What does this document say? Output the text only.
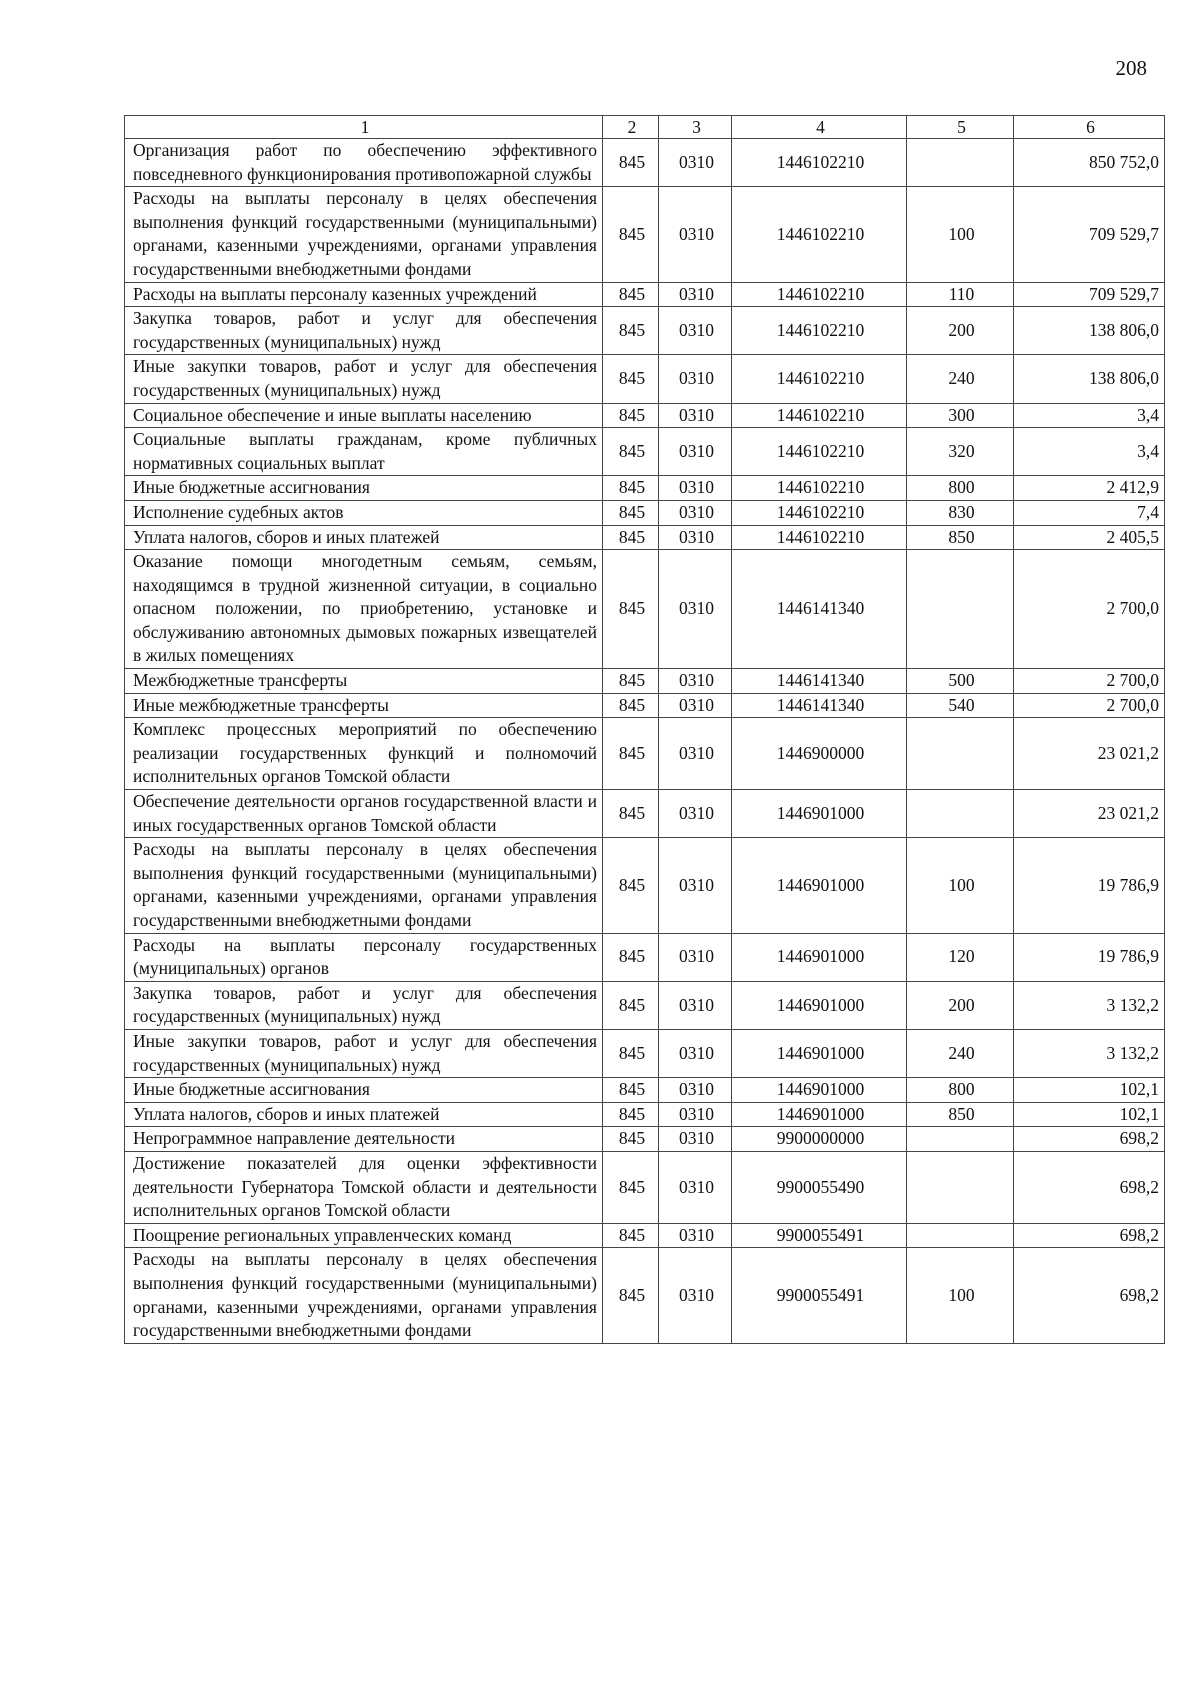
208
1	2	3	4	5	6
Организация работ по обеспечению эффективного повседневного функционирования противопожарной службы	845	0310	1446102210		850 752,0
Расходы на выплаты персоналу в целях обеспечения выполнения функций государственными (муниципальными) органами, казенными учреждениями, органами управления государственными внебюджетными фондами	845	0310	1446102210	100	709 529,7
Расходы на выплаты персоналу казенных учреждений	845	0310	1446102210	110	709 529,7
Закупка товаров, работ и услуг для обеспечения государственных (муниципальных) нужд	845	0310	1446102210	200	138 806,0
Иные закупки товаров, работ и услуг для обеспечения государственных (муниципальных) нужд	845	0310	1446102210	240	138 806,0
Социальное обеспечение и иные выплаты населению	845	0310	1446102210	300	3,4
Социальные выплаты гражданам, кроме публичных нормативных социальных выплат	845	0310	1446102210	320	3,4
Иные бюджетные ассигнования	845	0310	1446102210	800	2 412,9
Исполнение судебных актов	845	0310	1446102210	830	7,4
Уплата налогов, сборов и иных платежей	845	0310	1446102210	850	2 405,5
Оказание помощи многодетным семьям, семьям, находящимся в трудной жизненной ситуации, в социально опасном положении, по приобретению, установке и обслуживанию автономных дымовых пожарных извещателей в жилых помещениях	845	0310	1446141340		2 700,0
Межбюджетные трансферты	845	0310	1446141340	500	2 700,0
Иные межбюджетные трансферты	845	0310	1446141340	540	2 700,0
Комплекс процессных мероприятий по обеспечению реализации государственных функций и полномочий исполнительных органов Томской области	845	0310	1446900000		23 021,2
Обеспечение деятельности органов государственной власти и иных государственных органов Томской области	845	0310	1446901000		23 021,2
Расходы на выплаты персоналу в целях обеспечения выполнения функций государственными (муниципальными) органами, казенными учреждениями, органами управления государственными внебюджетными фондами	845	0310	1446901000	100	19 786,9
Расходы на выплаты персоналу государственных (муниципальных) органов	845	0310	1446901000	120	19 786,9
Закупка товаров, работ и услуг для обеспечения государственных (муниципальных) нужд	845	0310	1446901000	200	3 132,2
Иные закупки товаров, работ и услуг для обеспечения государственных (муниципальных) нужд	845	0310	1446901000	240	3 132,2
Иные бюджетные ассигнования	845	0310	1446901000	800	102,1
Уплата налогов, сборов и иных платежей	845	0310	1446901000	850	102,1
Непрограммное направление деятельности	845	0310	9900000000		698,2
Достижение показателей для оценки эффективности деятельности Губернатора Томской области и деятельности исполнительных органов Томской области	845	0310	9900055490		698,2
Поощрение региональных управленческих команд	845	0310	9900055491		698,2
Расходы на выплаты персоналу в целях обеспечения выполнения функций государственными (муниципальными) органами, казенными учреждениями, органами управления государственными внебюджетными фондами	845	0310	9900055491	100	698,2
